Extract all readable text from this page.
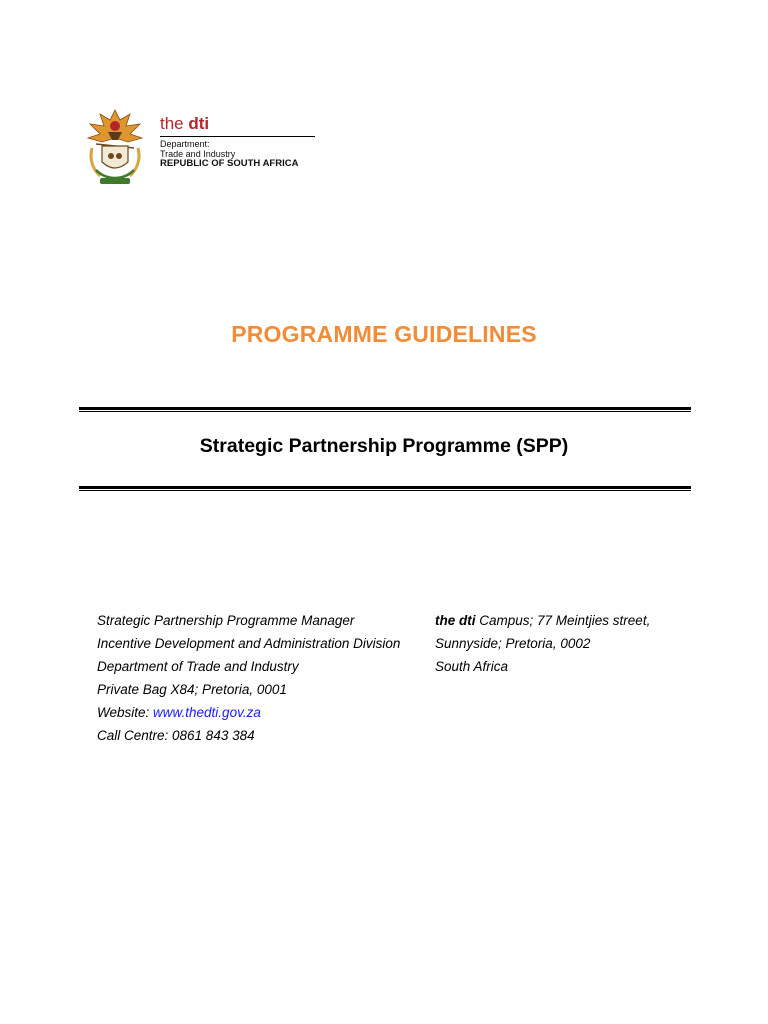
the dti
Department:
Trade and Industry
REPUBLIC OF SOUTH AFRICA
PROGRAMME GUIDELINES
Strategic Partnership Programme (SPP)
Strategic Partnership Programme Manager
Incentive Development and Administration Division
Department of Trade and Industry
Private Bag X84; Pretoria, 0001
Website: www.thedti.gov.za
Call Centre: 0861 843 384
the dti Campus; 77 Meintjies street,
Sunnyside; Pretoria, 0002
South Africa
